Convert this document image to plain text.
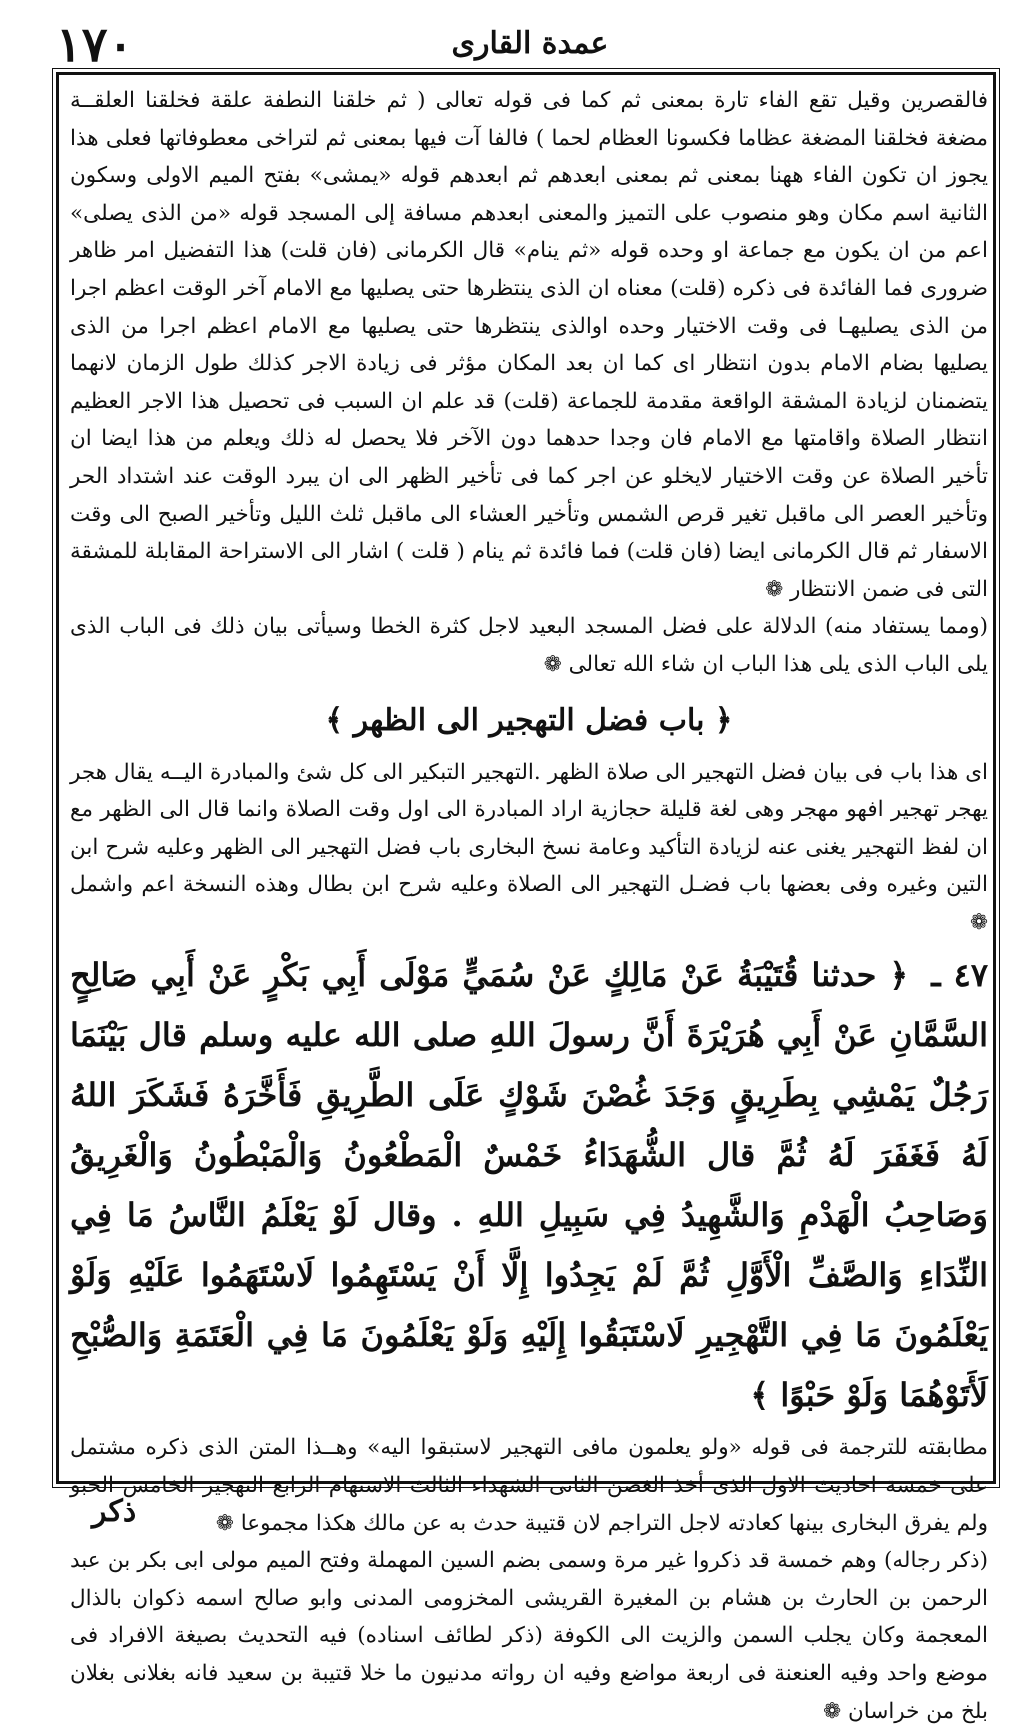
١٧٠	عمدة القاری

فالقصرين وقيل تقع الفاء تارة بمعنى ثم كما فى قوله تعالى ( ثم خلقنا النطفة علقة فخلقنا العلقــة مضغة فخلقنا المضغة عظاما فكسونا العظام لحما ) فالفا آت فيها بمعنى ثم لتراخى معطوفاتها فعلى هذا يجوز ان تكون الفاء ههنا بمعنى ثم بمعنى ابعدهم ثم ابعدهم قوله «يمشى» بفتح الميم الاولى وسكون الثانية اسم مكان وهو منصوب على التميز والمعنى ابعدهم مسافة إلى المسجد قوله «من الذى يصلى» اعم من ان يكون مع جماعة او وحده قوله «ثم ينام» قال الكرمانى (فان قلت) هذا التفضيل امر ظاهر ضرورى فما الفائدة فى ذكره (قلت) معناه ان الذى ينتظرها حتى يصليها مع الامام آخر الوقت اعظم اجرا من الذى يصليهـا فى وقت الاختيار وحده اوالذى ينتظرها حتى يصليها مع الامام اعظم اجرا من الذى يصليها بضام الامام بدون انتظار اى كما ان بعد المكان مؤثر فى زيادة الاجر كذلك طول الزمان لانهما يتضمنان لزيادة المشقة الواقعة مقدمة للجماعة (قلت) قد علم ان السبب فى تحصيل هذا الاجر العظيم انتظار الصلاة واقامتها مع الامام فان وجدا حدهما دون الآخر فلا يحصل له ذلك ويعلم من هذا ايضا ان تأخير الصلاة عن وقت الاختيار لايخلو عن اجر كما فى تأخير الظهر الى ان يبرد الوقت عند اشتداد الحر وتأخير العصر الى ماقبل تغير قرص الشمس وتأخير العشاء الى ماقبل ثلث الليل وتأخير الصبح الى وقت الاسفار ثم قال الكرمانى ايضا (فان قلت) فما فائدة ثم ينام ( قلت ) اشار الى الاستراحة المقابلة للمشقة التى فى ضمن الانتظار ❁

(ومما يستفاد منه) الدلالة على فضل المسجد البعيد لاجل كثرة الخطا وسيأتى بيان ذلك فى الباب الذى يلى الباب الذى يلى هذا الباب ان شاء الله تعالى ❁

﴿ باب فضل التهجير الى الظهر ﴾

اى هذا باب فى بيان فضل التهجير الى صلاة الظهر .التهجير التبكير الى كل شئ والمبادرة اليــه يقال هجر يهجر تهجير افهو مهجر وهى لغة قليلة حجازية اراد المبادرة الى اول وقت الصلاة وانما قال الى الظهر مع ان لفظ التهجير يغنى عنه لزيادة التأكيد وعامة نسخ البخارى باب فضل التهجير الى الظهر وعليه شرح ابن التين وغيره وفى بعضها باب فضـل التهجير الى الصلاة وعليه شرح ابن بطال وهذه النسخة اعم واشمل ❁

٤٧ ـ ﴿ حدثنا قُتَيْبَةُ عَنْ مَالِكٍ عَنْ سُمَيٍّ مَوْلَى أَبِي بَكْرٍ عَنْ أَبِي صَالِحٍ السَّمَّانِ عَنْ أَبِي هُرَيْرَةَ أَنَّ رسولَ اللهِ صلى الله عليه وسلم قال بَيْنَمَا رَجُلٌ يَمْشِي بِطَرِيقٍ وَجَدَ غُصْنَ شَوْكٍ عَلَى الطَّرِيقِ فَأَخَّرَهُ فَشَكَرَ اللهُ لَهُ فَغَفَرَ لَهُ ثُمَّ قال الشُّهَدَاءُ خَمْسٌ الْمَطْعُونُ وَالْمَبْطُونُ وَالْغَرِيقُ وَصَاحِبُ الْهَدْمِ وَالشَّهِيدُ فِي سَبِيلِ اللهِ . وقال لَوْ يَعْلَمُ النَّاسُ مَا فِي النِّدَاءِ وَالصَّفِّ الْأَوَّلِ ثُمَّ لَمْ يَجِدُوا إِلَّا أَنْ يَسْتَهِمُوا لَاسْتَهَمُوا عَلَيْهِ وَلَوْ يَعْلَمُونَ مَا فِي التَّهْجِيرِ لَاسْتَبَقُوا إِلَيْهِ وَلَوْ يَعْلَمُونَ مَا فِي الْعَتَمَةِ وَالصُّبْحِ لَأَتَوْهُمَا وَلَوْ حَبْوًا ﴾

مطابقته للترجمة فى قوله «ولو يعلمون مافى التهجير لاستبقوا اليه» وهــذا المتن الذى ذكره مشتمل على خمسة احاديث الاول الذى أخذ الغصن الثانى الشهداء الثالث الاستهام الرابع التهجير الخامس الحبو ولم يفرق البخارى بينها كعادته لاجل التراجم لان قتيبة حدث به عن مالك هكذا مجموعا ❁

(ذكر رجاله) وهم خمسة قد ذكروا غير مرة وسمى بضم السين المهملة وفتح الميم مولى ابى بكر بن عبد الرحمن بن الحارث بن هشام بن المغيرة القريشى المخزومى المدنى وابو صالح اسمه ذكوان بالذال المعجمة وكان يجلب السمن والزيت الى الكوفة (ذكر لطائف اسناده) فيه التحديث بصيغة الافراد فى موضع واحد وفيه العنعنة فى اربعة مواضع وفيه ان رواته مدنيون ما خلا قتيبة بن سعيد فانه بغلانى بغلان بلخ من خراسان ❁

ذكر
